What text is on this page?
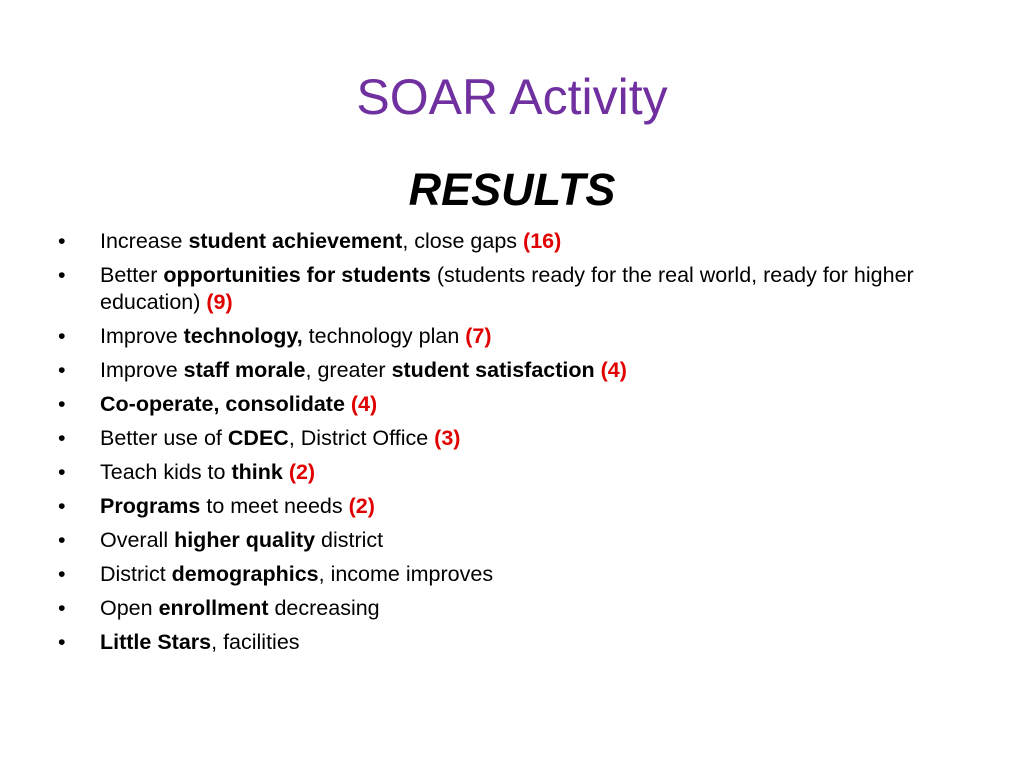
SOAR Activity
RESULTS
• Increase student achievement, close gaps (16)
• Better opportunities for students (students ready for the real world, ready for higher education) (9)
• Improve technology, technology plan (7)
• Improve staff morale, greater student satisfaction (4)
• Co-operate, consolidate (4)
• Better use of CDEC, District Office (3)
• Teach kids to think (2)
• Programs to meet needs (2)
• Overall higher quality district
• District demographics, income improves
• Open enrollment decreasing
• Little Stars, facilities
